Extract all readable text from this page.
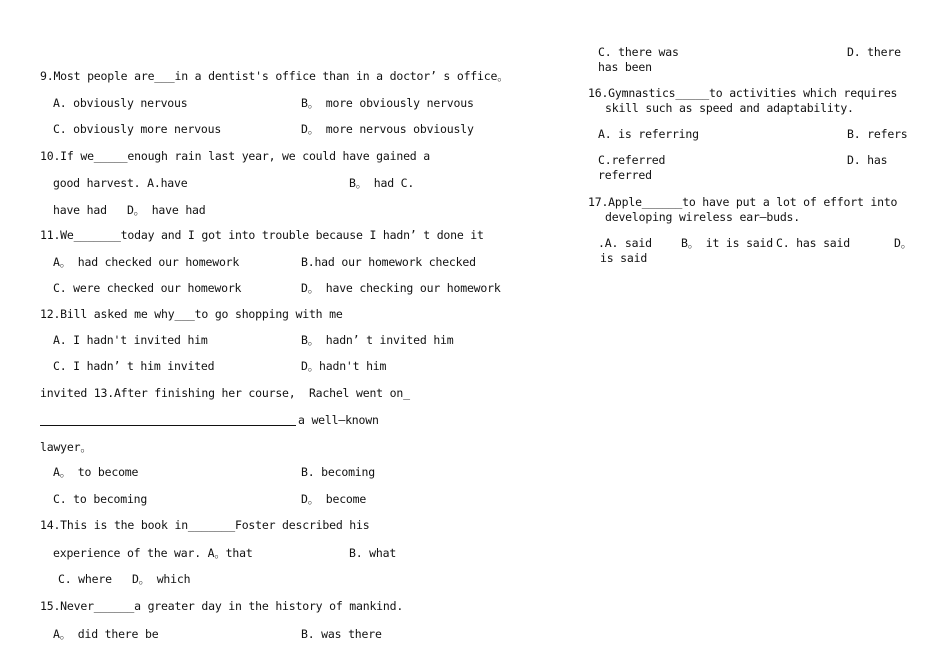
9.Most people are___in a dentist's office than in a doctor’ s office。
A. obviously nervous	B。 more obviously nervous
C. obviously more nervous	D。 more nervous obviously
10.If we_____enough rain last year, we could have gained a
good harvest. A.have	B。 had C.
have had   D。 have had
11.We_______today and I got into trouble because I hadn’ t done it
A。 had checked our homework	B.had our homework checked
C. were checked our homework	D。 have checking our homework
12.Bill asked me why___to go shopping with me
A. I hadn't invited him	B。 hadn’ t invited him
C. I hadn’ t him invited	D。hadn't him
invited 13.After finishing her course,  Rachel went on_
a well—known
lawyer。
A。 to become	B. becoming
C. to becoming	D。 become
14.This is the book in_______Foster described his
experience of the war. A。that	B. what
C. where   D。 which
15.Never______a greater day in the history of mankind.
A。 did there be	B. was there
C. there was	D. there
has been
16.Gymnastics_____to activities which requires
skill such as speed and adaptability.
A. is referring	B. refers
C.referred	D. has
referred
17.Apple______to have put a lot of effort into
developing wireless ear—buds.
.A. said	B。 it is said C. has said	D。
is said
